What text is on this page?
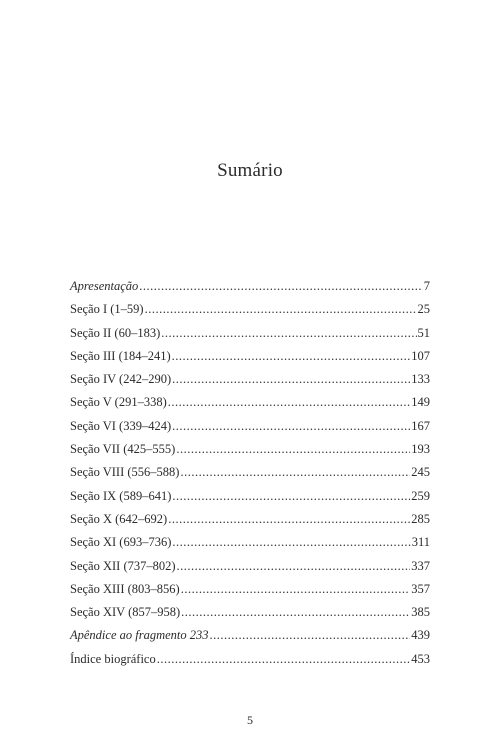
Sumário
Apresentação .....	7
Seção I (1–59) .....	25
Seção II (60–183) .....	51
Seção III (184–241) .....	107
Seção IV (242–290) .....	133
Seção V (291–338) .....	149
Seção VI (339–424) .....	167
Seção VII (425–555) .....	193
Seção VIII (556–588) .....	245
Seção IX (589–641) .....	259
Seção X (642–692) .....	285
Seção XI (693–736) .....	311
Seção XII (737–802) .....	337
Seção XIII (803–856) .....	357
Seção XIV (857–958) .....	385
Apêndice ao fragmento 233 .....	439
Índice biográfico .....	453
5
